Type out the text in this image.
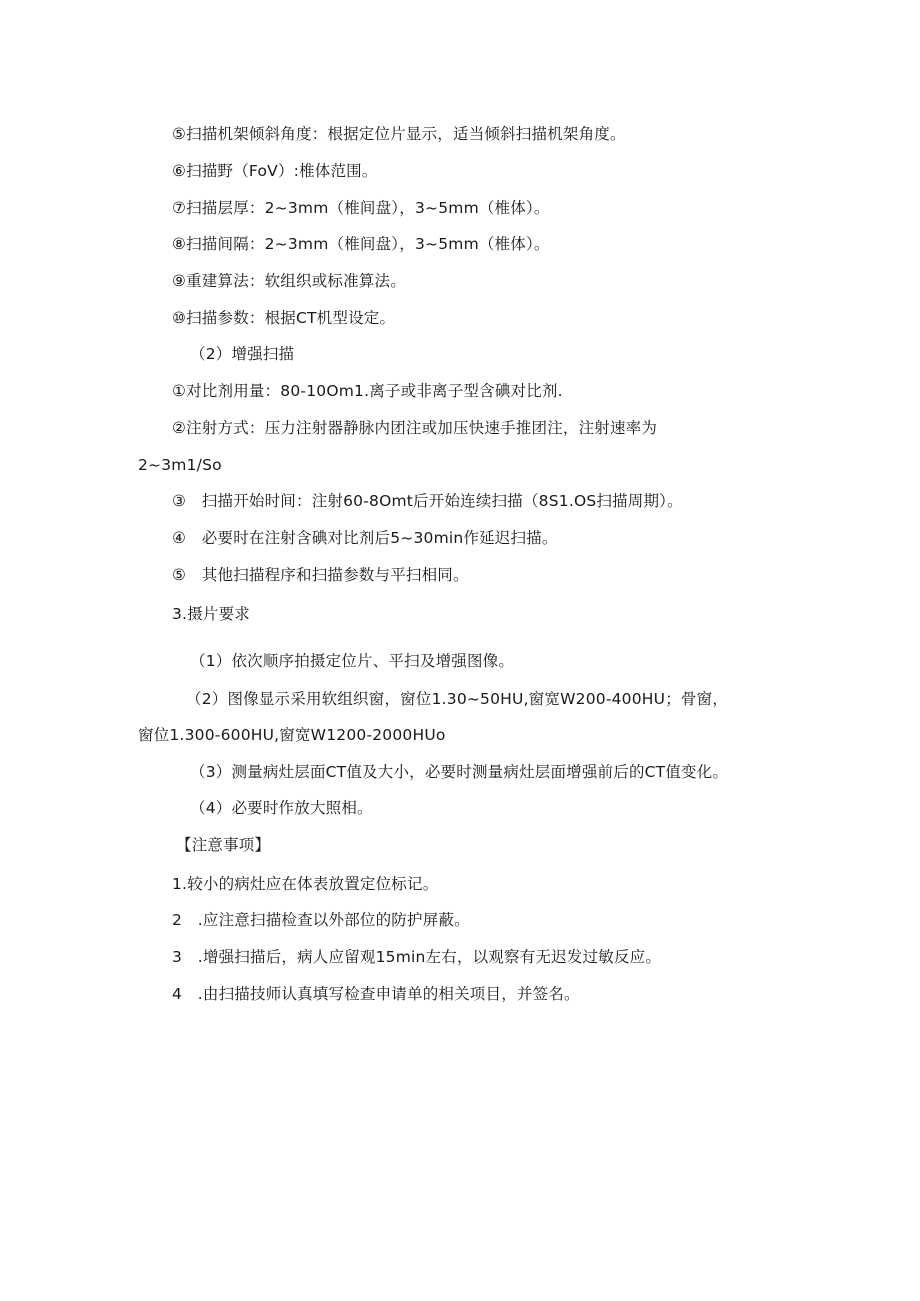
⑤扫描机架倾斜角度：根据定位片显示，适当倾斜扫描机架角度。
⑥扫描野（FoV）:椎体范围。
⑦扫描层厚：2~3mm（椎间盘），3~5mm（椎体）。
⑧扫描间隔：2~3mm（椎间盘），3~5mm（椎体）。
⑨重建算法：软组织或标准算法。
⑩扫描参数：根据CT机型设定。
（2）增强扫描
①对比剂用量：80-10Om1.离子或非离子型含碘对比剂.
②注射方式：压力注射器静脉内团注或加压快速手推团注，注射速率为
2~3m1∕So
③　扫描开始时间：注射60-8Omt后开始连续扫描（8S1.OS扫描周期）。
④　必要时在注射含碘对比剂后5~30min作延迟扫描。
⑤　其他扫描程序和扫描参数与平扫相同。
3.摄片要求
（1）依次顺序拍摄定位片、平扫及增强图像。
（2）图像显示采用软组织窗，窗位1.30~50HU,窗宽W200-400HU；骨窗，
窗位1.300-600HU,窗宽W1200-2000HUo
（3）测量病灶层面CT值及大小，必要时测量病灶层面增强前后的CT值变化。
（4）必要时作放大照相。
【注意事项】
1.较小的病灶应在体表放置定位标记。
2　.应注意扫描检查以外部位的防护屏蔽。
3　.增强扫描后，病人应留观15min左右，以观察有无迟发过敏反应。
4　.由扫描技师认真填写检查申请单的相关项目，并签名。
